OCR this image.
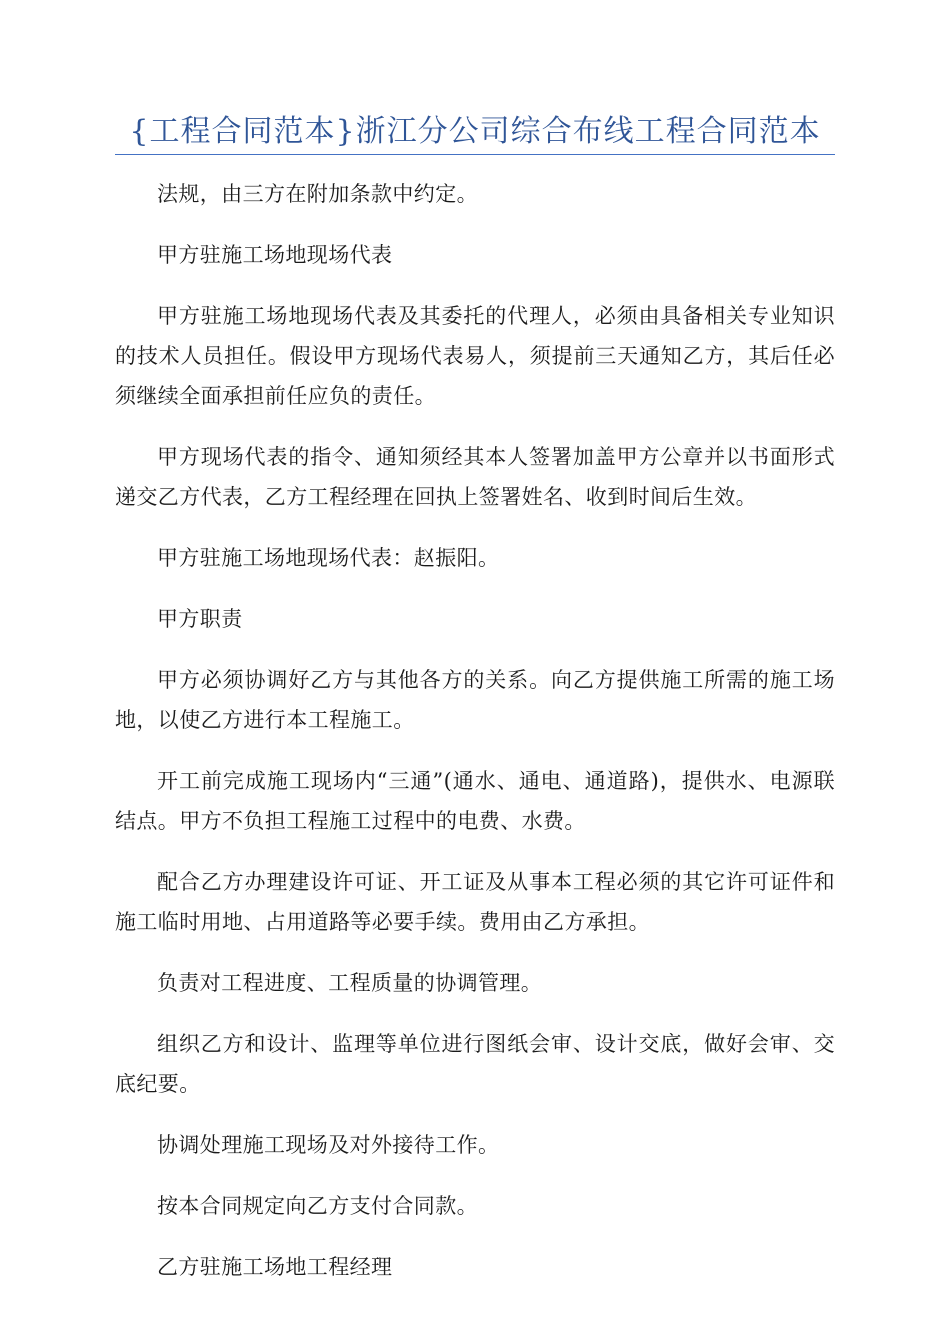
{工程合同范本}浙江分公司综合布线工程合同范本

法规，由三方在附加条款中约定。

甲方驻施工场地现场代表

甲方驻施工场地现场代表及其委托的代理人，必须由具备相关专业知识的技术人员担任。假设甲方现场代表易人，须提前三天通知乙方，其后任必须继续全面承担前任应负的责任。

甲方现场代表的指令、通知须经其本人签署加盖甲方公章并以书面形式递交乙方代表，乙方工程经理在回执上签署姓名、收到时间后生效。

甲方驻施工场地现场代表：赵振阳。

甲方职责

甲方必须协调好乙方与其他各方的关系。向乙方提供施工所需的施工场地，以使乙方进行本工程施工。

开工前完成施工现场内“三通”(通水、通电、通道路)，提供水、电源联结点。甲方不负担工程施工过程中的电费、水费。

配合乙方办理建设许可证、开工证及从事本工程必须的其它许可证件和施工临时用地、占用道路等必要手续。费用由乙方承担。

负责对工程进度、工程质量的协调管理。

组织乙方和设计、监理等单位进行图纸会审、设计交底，做好会审、交底纪要。

协调处理施工现场及对外接待工作。

按本合同规定向乙方支付合同款。

乙方驻施工场地工程经理
